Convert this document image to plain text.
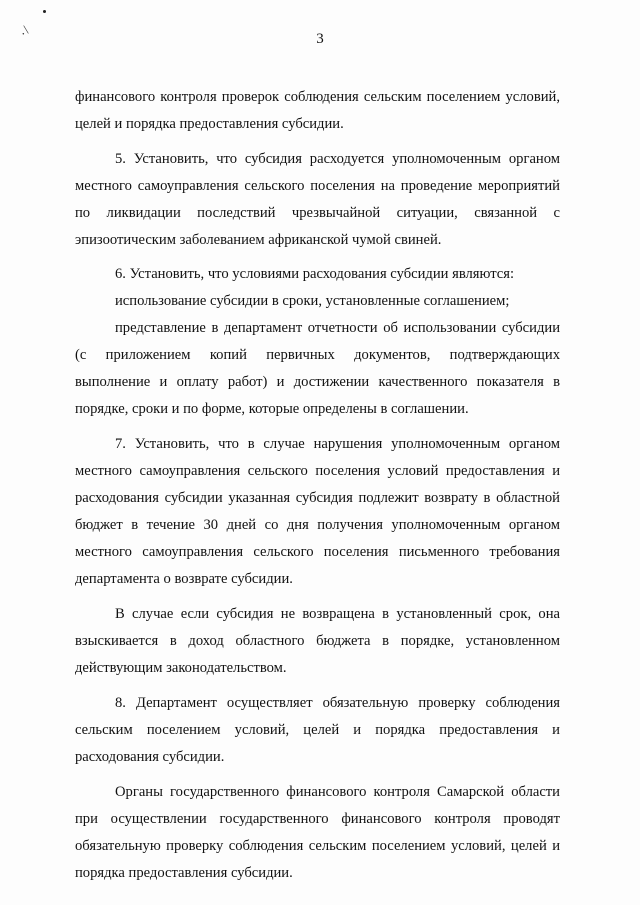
.\
3

финансового контроля проверок соблюдения сельским поселением условий, целей и порядка предоставления субсидии.

5. Установить, что субсидия расходуется уполномоченным органом местного самоуправления сельского поселения на проведение мероприятий по ликвидации последствий чрезвычайной ситуации, связанной с эпизоотическим заболеванием африканской чумой свиней.

6. Установить, что условиями расходования субсидии являются:

использование субсидии в сроки, установленные соглашением;

представление в департамент отчетности об использовании субсидии (с приложением копий первичных документов, подтверждающих выполнение и оплату работ) и достижении качественного показателя в порядке, сроки и по форме, которые определены в соглашении.

7. Установить, что в случае нарушения уполномоченным органом местного самоуправления сельского поселения условий предоставления и расходования субсидии указанная субсидия подлежит возврату в областной бюджет в течение 30 дней со дня получения уполномоченным органом местного самоуправления сельского поселения письменного требования департамента о возврате субсидии.

В случае если субсидия не возвращена в установленный срок, она взыскивается в доход областного бюджета в порядке, установленном действующим законодательством.

8. Департамент осуществляет обязательную проверку соблюдения сельским поселением условий, целей и порядка предоставления и расходования субсидии.

Органы государственного финансового контроля Самарской области при осуществлении государственного финансового контроля проводят обязательную проверку соблюдения сельским поселением условий, целей и порядка предоставления субсидии.
